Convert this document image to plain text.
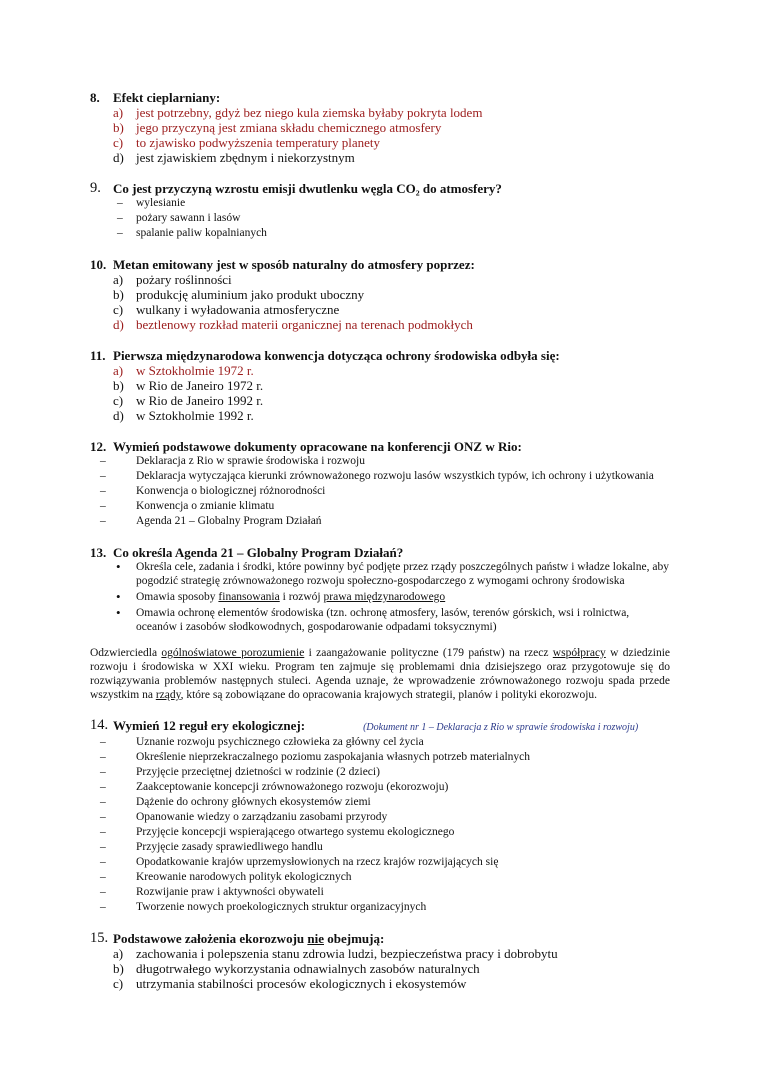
8. Efekt cieplarniany:
a) jest potrzebny, gdyż bez niego kula ziemska byłaby pokryta lodem
b) jego przyczyną jest zmiana składu chemicznego atmosfery
c) to zjawisko podwyższenia temperatury planety
d) jest zjawiskiem zbędnym i niekorzystnym
9. Co jest przyczyną wzrostu emisji dwutlenku węgla CO₂ do atmosfery?
– wylesianie
– pożary sawann i lasów
– spalanie paliw kopalnianych
10. Metan emitowany jest w sposób naturalny do atmosfery poprzez:
a) pożary roślinności
b) produkcję aluminium jako produkt uboczny
c) wulkany i wyładowania atmosferyczne
d) beztlenowy rozkład materii organicznej na terenach podmokłych
11. Pierwsza międzynarodowa konwencja dotycząca ochrony środowiska odbyła się:
a) w Sztokholmie 1972 r.
b) w Rio de Janeiro 1972 r.
c) w Rio de Janeiro 1992 r.
d) w Sztokholmie 1992 r.
12. Wymień podstawowe dokumenty opracowane na konferencji ONZ w Rio:
–	Deklaracja z Rio w sprawie środowiska i rozwoju
–	Deklaracja wytyczająca kierunki zrównoważonego rozwoju lasów wszystkich typów, ich ochrony i użytkowania
–	Konwencja o biologicznej różnorodności
–	Konwencja o zmianie klimatu
–	Agenda 21 – Globalny Program Działań
13. Co określa Agenda 21 – Globalny Program Działań?
• Określa cele, zadania i środki, które powinny być podjęte przez rządy poszczególnych państw i władze lokalne, aby pogodzić strategię zrównoważonego rozwoju społeczno-gospodarczego z wymogami ochrony środowiska
• Omawia sposoby finansowania i rozwój prawa międzynarodowego
• Omawia ochronę elementów środowiska (tzn. ochronę atmosfery, lasów, terenów górskich, wsi i rolnictwa, oceanów i zasobów słodkowodnych, gospodarowanie odpadami toksycznymi)
Odzwierciedla ogólnoświatowe porozumienie i zaangażowanie polityczne (179 państw) na rzecz współpracy w dziedzinie rozwoju i środowiska w XXI wieku. Program ten zajmuje się problemami dnia dzisiejszego oraz przygotowuje się do rozwiązywania problemów następnych stuleci. Agenda uznaje, że wprowadzenie zrównoważonego rozwoju spada przede wszystkim na rządy, które są zobowiązane do opracowania krajowych strategii, planów i polityki ekorozwoju.
14. Wymień 12 reguł ery ekologicznej:	(Dokument nr 1 – Deklaracja z Rio w sprawie środowiska i rozwoju)
–	Uznanie rozwoju psychicznego człowieka za główny cel życia
–	Określenie nieprzekraczalnego poziomu zaspokajania własnych potrzeb materialnych
–	Przyjęcie przeciętnej dzietności w rodzinie (2 dzieci)
–	Zaakceptowanie koncepcji zrównoważonego rozwoju (ekorozwoju)
–	Dążenie do ochrony głównych ekosystemów ziemi
–	Opanowanie wiedzy o zarządzaniu zasobami przyrody
–	Przyjęcie koncepcji wspierającego otwartego systemu ekologicznego
–	Przyjęcie zasady sprawiedliwego handlu
–	Opodatkowanie krajów uprzemysłowionych na rzecz krajów rozwijających się
–	Kreowanie narodowych polityk ekologicznych
–	Rozwijanie praw i aktywności obywateli
–	Tworzenie nowych proekologicznych struktur organizacyjnych
15. Podstawowe założenia ekorozwoju nie obejmują:
a) zachowania i polepszenia stanu zdrowia ludzi, bezpieczeństwa pracy i dobrobytu
b) długotrwałego wykorzystania odnawialnych zasobów naturalnych
c) utrzymania stabilności procesów ekologicznych i ekosystemów
